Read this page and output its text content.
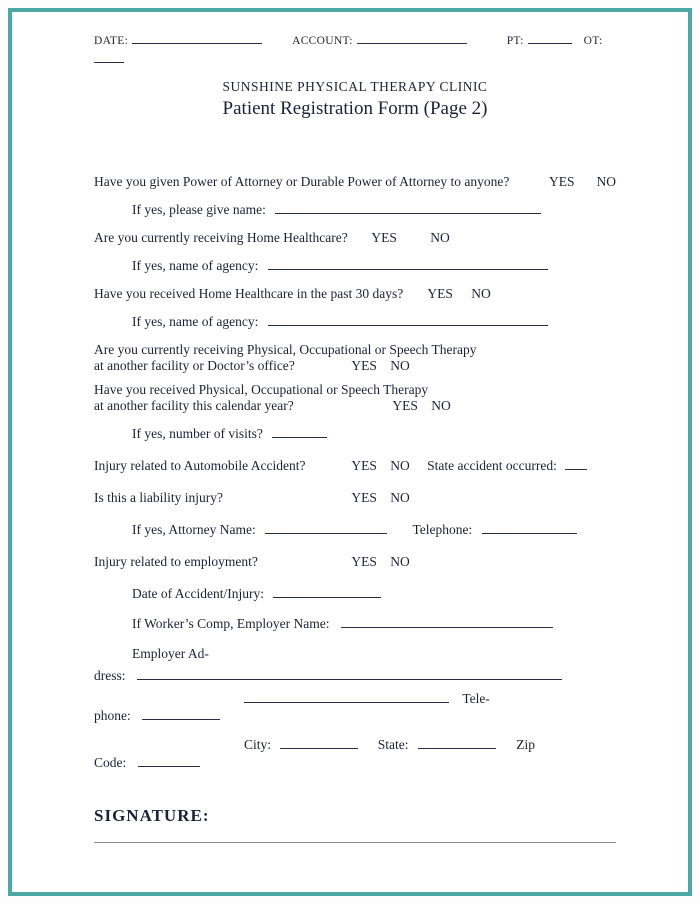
DATE:	ACCOUNT:	PT:	OT:
SUNSHINE PHYSICAL THERAPY CLINIC
Patient Registration Form (Page 2)
Have you given Power of Attorney or Durable Power of Attorney to anyone?	YES NO
If yes, please give name:
Are you currently receiving Home Healthcare? YES NO
If yes, name of agency:
Have you received Home Healthcare in the past 30 days? YES NO
If yes, name of agency:
Are you currently receiving Physical, Occupational or Speech Therapy
at another facility or Doctor’s office?	YES NO
Have you received Physical, Occupational or Speech Therapy
at another facility this calendar year?	YES NO
If yes, number of visits?
Injury related to Automobile Accident?	YES NO State accident occurred:
Is this a liability injury?	YES NO
If yes, Attorney Name:	Telephone:
Injury related to employment?	YES NO
Date of Accident/Injury:
If Worker’s Comp, Employer Name:
Employer Ad-
dress:
Tele-
phone:
City:	State:	Zip
Code:
SIGNATURE:
